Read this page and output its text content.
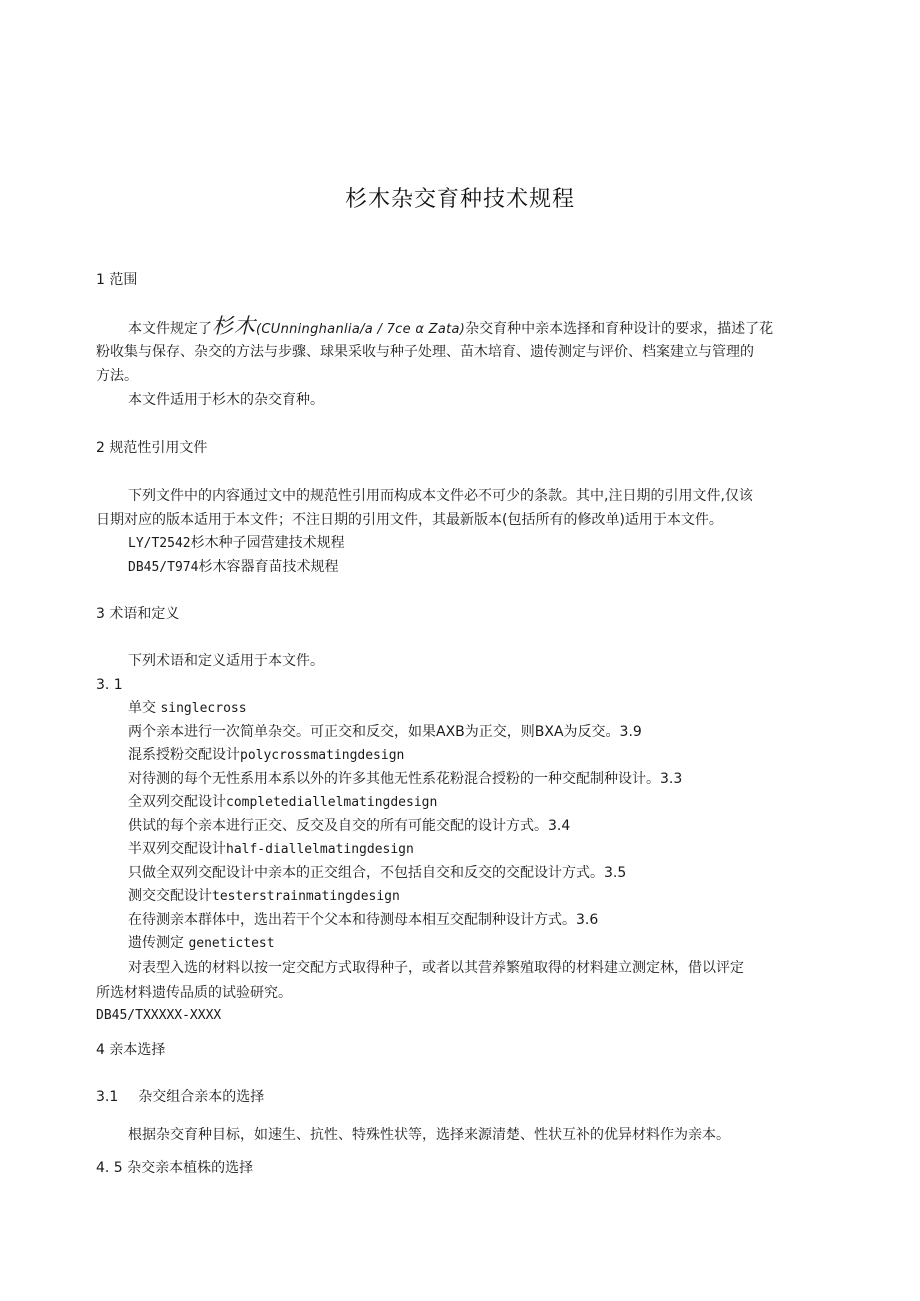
杉木杂交育种技术规程
1 范围
本文件规定了杉木(CUnninghanlia/a / 7ce α Zata)杂交育种中亲本选择和育种设计的要求，描述了花
粉收集与保存、杂交的方法与步骤、球果采收与种子处理、苗木培育、遗传测定与评价、档案建立与管理的
方法。
本文件适用于杉木的杂交育种。
2 规范性引用文件
下列文件中的内容通过文中的规范性引用而构成本文件必不可少的条款。其中,注日期的引用文件,仅该
日期对应的版本适用于本文件；不注日期的引用文件，其最新版本(包括所有的修改单)适用于本文件。
LY/T2542杉木种子园营建技术规程
DB45/T974杉木容器育苗技术规程
3 术语和定义
下列术语和定义适用于本文件。
3. 1
单交 singlecross
两个亲本进行一次简单杂交。可正交和反交，如果AXB为正交，则BXA为反交。3.9
混系授粉交配设计polycrossmatingdesign
对待测的每个无性系用本系以外的许多其他无性系花粉混合授粉的一种交配制种设计。3.3
全双列交配设计completediallelmatingdesign
供试的每个亲本进行正交、反交及自交的所有可能交配的设计方式。3.4
半双列交配设计half-diallelmatingdesign
只做全双列交配设计中亲本的正交组合，不包括自交和反交的交配设计方式。3.5
测交交配设计testerstrainmatingdesign
在待测亲本群体中，选出若干个父本和待测母本相互交配制种设计方式。3.6
遗传测定 genetictest
对表型入选的材料以按一定交配方式取得种子，或者以其营养繁殖取得的材料建立测定林，借以评定
所选材料遗传品质的试验研究。
DB45/TXXXXX-XXXX
4 亲本选择
3.1 杂交组合亲本的选择
根据杂交育种目标，如速生、抗性、特殊性状等，选择来源清楚、性状互补的优异材料作为亲本。
4. 5 杂交亲本植株的选择
